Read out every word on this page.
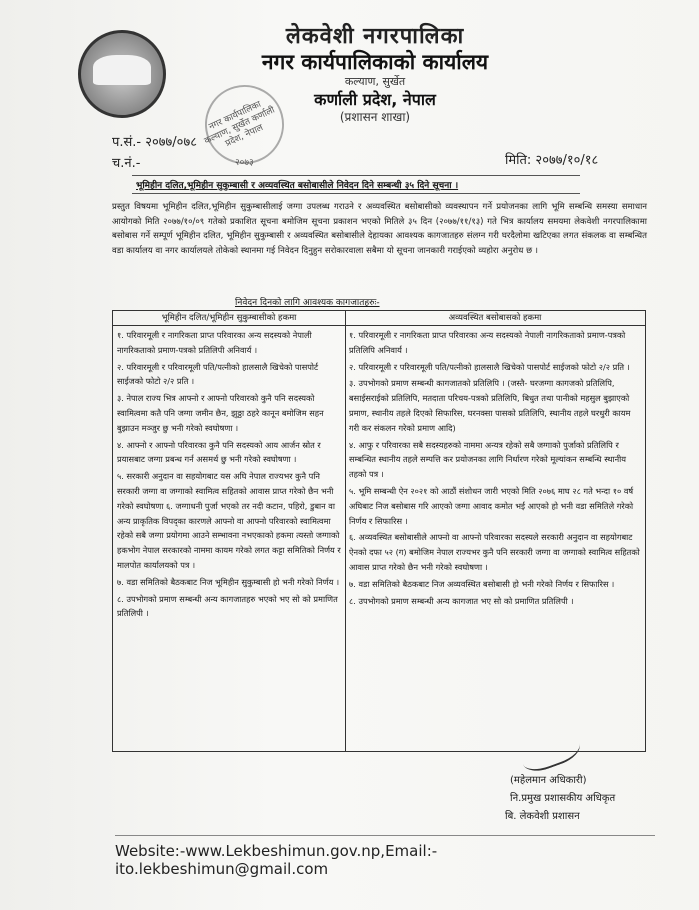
लेकवेशी नगरपालिका
नगर कार्यपालिकाको कार्यालय
कल्याण, सुर्खेत
कर्णाली प्रदेश, नेपाल
(प्रशासन शाखा)
नगर कार्यपालिका कल्याण, सुर्खेत कर्णाली प्रदेश, नेपाल
२०७३
प.सं.- २०७७/०७८
च.नं.-	मिति: २०७७/१०/१८
भूमिहीन दलित,भूमिहीन सुकुम्बासी र अव्यवस्थित बसोबासीले निवेदन दिने सम्बन्धी ३५ दिने सूचना ।
प्रस्तुत विषयमा भूमिहीन दलित,भूमिहीन सुकुम्बासीलाई जग्गा उपलब्ध गराउने र अव्यवस्थित बसोबासीको व्यवस्थापन गर्ने प्रयोजनका लागि भूमि सम्बन्धि समस्या समाधान आयोगको मिति २०७७/१०/०९ गतेको प्रकाशित सूचना बमोजिम सूचना प्रकाशन भएको मितिले ३५ दिन (२०७७/११/१३) गते भित्र कार्यालय समयमा लेकवेशी नगरपालिकामा बसोबास गर्ने सम्पूर्ण भूमिहीन दलित, भूमिहीन सुकुम्बासी र अव्यवस्थित बसोबासीले देहायका आवश्यक कागजातहरु संलग्न गरी घरदैलोमा खटिएका लगत संकलक वा सम्बन्धित वडा कार्यालय वा नगर कार्यालयले तोकेको स्थानमा गई निवेदन दिनुहुन सरोकारवाला सबैमा यो सूचना जानकारी गराईएको व्यहोरा अनुरोध छ ।
निवेदन दिनको लागि आवश्यक कागजातहरुः-
भूमिहीन दलित/भूमिहीन सुकुम्बासीको हकमा
१. परिवारमूली र नागरिकता प्राप्त परिवारका अन्य सदस्यको नेपाली नागरिकताको प्रमाण-पत्रको प्रतिलिपी अनिवार्य ।
२. परिवारमूली र परिवारमूली पति/पत्नीको हालसालै खिचेको पासपोर्ट साईजको फोटो २/२ प्रति ।
३. नेपाल राज्य भित्र आफ्नो र आफ्नो परिवारको कुनै पनि सदस्यको स्वामित्वमा कतै पनि जग्गा जमीन छैन, झुठ्ठा ठहरे कानून बमोजिम सहन बुझाउन मञ्जुर छु भनी गरेको स्वघोषणा ।
४. आफ्नो र आफ्नो परिवारका कुनै पनि सदस्यको आय आर्जन स्रोत र प्रयासबाट जग्गा प्रबन्ध गर्न असमर्थ छु भनी गरेको स्वघोषणा ।
५. सरकारी अनुदान वा सहयोगबाट यस अघि नेपाल राज्यभर कुनै पनि सरकारी जग्गा वा जग्गाको स्वामित्व सहितको आवास प्राप्त गरेको छैन भनी गरेको स्वघोषणा ६. जग्गाधनी पुर्जा भएको तर नदी कटान, पहिरो, डुबान वा अन्य प्राकृतिक विपद्का कारणले आफ्नो वा आफ्नो परिवारको स्वामित्वमा रहेको सबै जग्गा प्रयोगमा आउने सम्भावना नभएकाको हकमा त्यस्तो जग्गाको हकभोग नेपाल सरकारको नाममा कायम गरेको लगत कट्टा समितिको निर्णय र मालपोत कार्यालयको पत्र ।
७. वडा समितिको बैठकबाट निज भूमिहीन सुकुम्बासी हो भनी गरेको निर्णय ।
८. उपभोगको प्रमाण सम्बन्धी अन्य कागजातहरु भएको भए सो को प्रमाणित प्रतिलिपी ।
अव्यवस्थित बसोबासको हकमा
१. परिवारमूली र नागरिकता प्राप्त परिवारका अन्य सदस्यको नेपाली नागरिकताको प्रमाण-पत्रको प्रतिलिपि अनिवार्य ।
२. परिवारमूली र परिवारमूली पति/पत्नीको हालसालै खिचेको पासपोर्ट साईजको फोटो २/२ प्रति ।
३. उपभोगको प्रमाण सम्बन्धी कागजातको प्रतिलिपि । (जस्तै- घरजग्गा कागजको प्रतिलिपि, बसाईसराईको प्रतिलिपि, मतदाता परिचय-पत्रको प्रतिलिपि, बिधुत तथा पानीको महसुल बुझाएको प्रमाण, स्थानीय तहले दिएको सिफारिस, घरनक्सा पासको प्रतिलिपि, स्थानीय तहले घरधुरी कायम गरी कर संकलन गरेको प्रमाण आदि)
४. आफु र परिवारका सबै सदस्यहरुको नाममा अन्यत्र रहेको सबै जग्गाको पुर्जाको प्रतिलिपि र सम्बन्धित स्थानीय तहले सम्पत्ति कर प्रयोजनका लागि निर्धारण गरेको मूल्यांकन सम्बन्धि स्थानीय तहको पत्र ।
५. भूमि सम्बन्धी ऐन २०२१ को आठौं संशोधन जारी भएको मिति २०७६ माघ २८ गते भन्दा १० वर्ष अघिबाट निज बसोबास गरि आएको जग्गा आवाद कमोत भई आएको हो भनी वडा समितिले गरेको निर्णय र सिफारिस ।
६. अव्यवस्थित बसोबासीले आफ्नो वा आफ्नो परिवारका सदस्यले सरकारी अनुदान वा सहयोगबाट ऐनको दफा ५२ (ग) बमोजिम नेपाल राज्यभर कुनै पनि सरकारी जग्गा वा जग्गाको स्वामित्व सहितको आवास प्राप्त गरेको छैन भनी गरेको स्वघोषणा ।
७. वडा समितिको बैठकबाट निज अव्यवस्थित बसोबासी हो भनी गरेको निर्णय र सिफारिस ।
८. उपभोगको प्रमाण सम्बन्धी अन्य कागजात भए सो को प्रमाणित प्रतिलिपी ।
(महेलमान अधिकारी)
नि.प्रमुख प्रशासकीय अधिकृत
बि. लेकवेशी प्रशासन
Website:-www.Lekbeshimun.gov.np,Email:- ito.lekbeshimun@gmail.com
